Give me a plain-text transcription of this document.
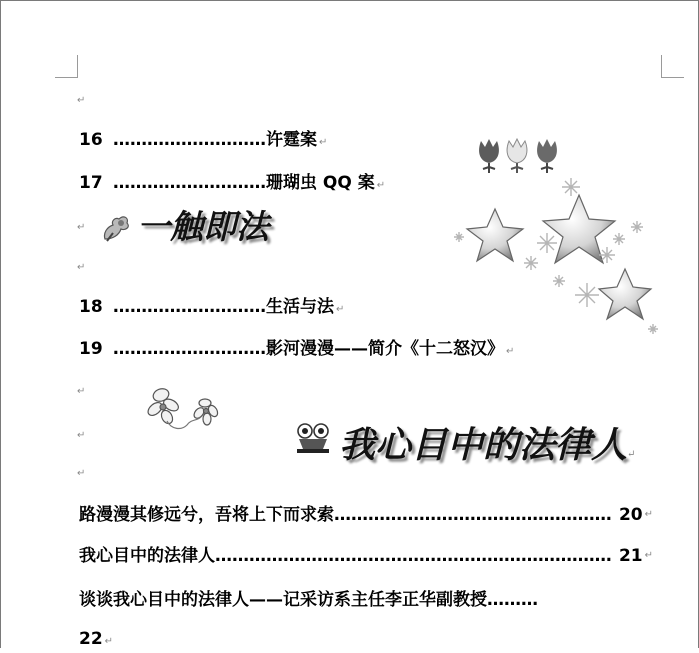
↵
16 ………………………许霆案 ↵
17 ………………………珊瑚虫 QQ 案 ↵
↵ 一触即法
↵
18 ………………………生活与法 ↵
19 ………………………影河漫漫——简介《十二怒汉》 ↵
↵
↵
↵
我心目中的法律人↵
路漫漫其修远兮，吾将上下而求索 ……………………………………………………………………………………………………	20 ↵
我心目中的法律人 ……………………………………………………………………………………………………	21 ↵
谈谈我心目中的法律人——记采访系主任李正华副教授………
22 ↵
